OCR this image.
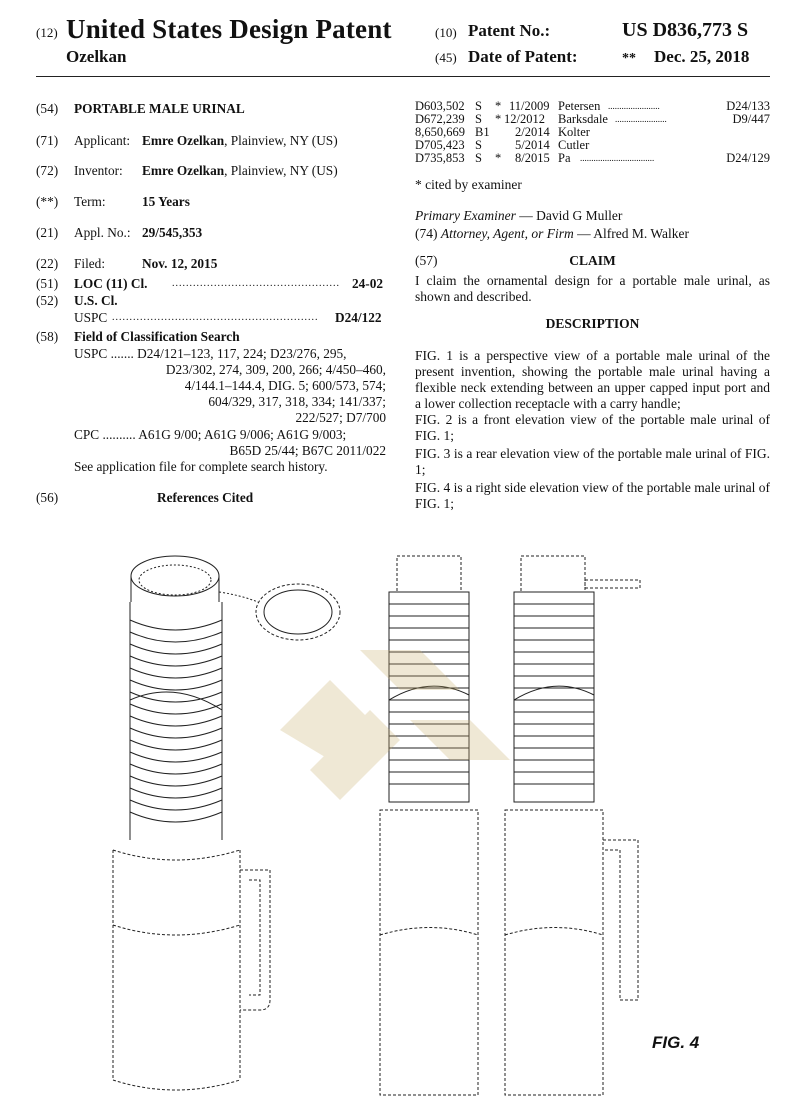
(12) United States Design Patent	(10) Patent No.:	US D836,773 S
Ozelkan	(45) Date of Patent:	** Dec. 25, 2018
(54) PORTABLE MALE URINAL
(71) Applicant: Emre Ozelkan, Plainview, NY (US)
(72) Inventor: Emre Ozelkan, Plainview, NY (US)
(**) Term:	15 Years
(21) Appl. No.: 29/545,353
(22) Filed:	Nov. 12, 2015
(51) LOC (11) Cl. ................................................ 24-02
(52) U.S. Cl.
USPC ........................................................... D24/122
(58) Field of Classification Search
USPC ....... D24/121–123, 117, 224; D23/276, 295,
D23/302, 274, 309, 200, 266; 4/450–460,
4/144.1–144.4, DIG. 5; 600/573, 574;
604/329, 317, 318, 334; 141/337;
222/527; D7/700
CPC .......... A61G 9/00; A61G 9/006; A61G 9/003;
B65D 25/44; B67C 2011/022
See application file for complete search history.
(56)	References Cited
D603,502 S * 11/2009 Petersen .......................	D24/133
D672,239 S * 12/2012 Barksdale .......................	D9/447
8,650,669 B1 2/2014 Kolter
D705,423 S	5/2014 Cutler
D735,853 S * 8/2015 Pa .................................	D24/129
* cited by examiner
Primary Examiner — David G Muller
(74) Attorney, Agent, or Firm — Alfred M. Walker
(57)	CLAIM
I claim the ornamental design for a portable male urinal, as shown and described.
DESCRIPTION
FIG. 1 is a perspective view of a portable male urinal of the present invention, showing the portable male urinal having a flexible neck extending between an upper capped input port and a lower collection receptacle with a carry handle;
FIG. 2 is a front elevation view of the portable male urinal of FIG. 1;
FIG. 3 is a rear elevation view of the portable male urinal of FIG. 1;
FIG. 4 is a right side elevation view of the portable male urinal of FIG. 1;
FIG. 4
